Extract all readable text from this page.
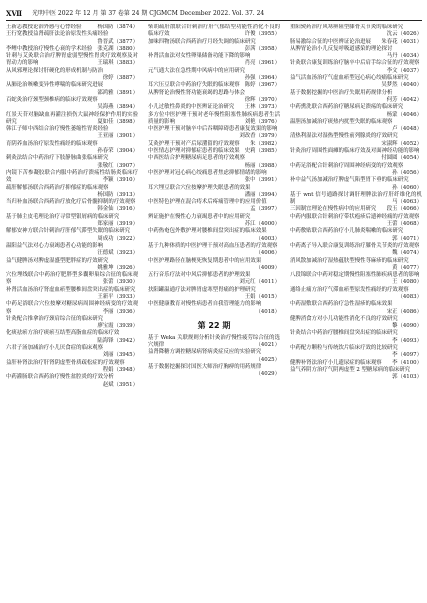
XⅦ 光明中医 2022 年 12 月 第 37 卷第 24 期 CJGMCM December 2022. Vol. 37. 24

王新志教授论治外感与心悸经验	杨国防（3874）

王行宽教授益肾疏肝法论治原发性头痛经验
鲁晋武（3877）

李鲤中教授治疗慢性心衰的学术经验 张克湖（3880）

针刺与艾灸联合治疗脾胃虚弱型慢性胃炎疗效观察及对胃动力的影响	王瑞琪（3883）

从风邪理论探讨肝硬化的形成机制与防治
徐婷（3887）

从肺论治咳嗽变异性哮喘的临床研究进展
邵鸿雅（3891）

百蛇灸治疗颈型颈椎病的临床疗效观察
吴海燕（3894）

红景天苷对脑缺血再灌注损伤大鼠神经保护作用的实验研究	夏如佳（3898）

韩江子师中西结合治疗慢性萎缩性胃炎经验
王亚丽（3901）

育阴养血汤治疗原发性痛经的临床观察
孙春荣（3904）

刺灸法结合中药治疗下肢静脉曲张临床研究
张敬红（3907）

内镜下苦参凝胶联合内服中药治疗溃疡性结肠炎临床疗效	李颖（3910）

疏肝解郁汤联合西药治疗抑郁症的临床观察
杨国防（3913）

当归补血汤联合西药治疗放化疗后骨髓抑制的疗效观察
韩金仙（3916）

基于肺主皮毛理论治疗寻常型银屑病的临床研究
郑家丽（3919）

解郁安神方联合针刺治疗肝郁气滞型失眠的临床研究
周成功（3922）

温阳益气法对心力衰竭患者心功能的影响
汪德斌（3923）

益气健脾汤对脾虚湿盛型肥胖症的疗效研究
姚雅坤（3926）

穴位埋线联合中药治疗肥胖型多囊卵巢综合征的临床观察	张蕾（3930）

补肾活血汤治疗肾虚血瘀型腰椎间盘突出症的临床研究
王新平（3933）

中药足浴联合穴位按摩对糖尿病周围神经病变的疗效观察	李丽（3936）

针灸配合推拿治疗颈肩综合征的临床研究
廖宝霞（3939）

化痰祛瘀方治疗痰瘀互结型高脂血症的临床疗效
陆海锋（3942）

六君子汤加减治疗小儿厌食症的临床观察
刘丽（3945）

益肝补肾法治疗肝肾阴虚型骨质疏松症的疗效观察
程娟（3948）

中药灌肠联合西药治疗慢性盆腔炎的疗效分析
赵斌（3951）

柴胡疏肝散联合针刺治疗肝气郁结型功能性消化不良的临床疗效	许俊（3955）

加味四物汤联合西药治疗月经失调的临床研究
彭茜（3958）

补肾活血法对女性卵巢储备功能下降的影响
肖亮（3961）

元气通大法在急性期中风病中的应用研究
孙强（3964）

耳穴压豆联合中药治疗失眠的临床观察 陈婷（3967）

从脾肾论治慢性肾功能衰竭的思路与体会
徐辉（3970）

小儿过敏性鼻炎的中医辨证论治研究	王林（3973）

多方位中医护理干预对老年慢性阻塞性肺疾病患者生活质量的影响	刘艳（3976）

中医护理干预对脑卒中后吞咽障碍患者康复效果的影响
刘改香（3979）

艾灸护理干预对产后尿潴留的疗效观察	朱（3982）

中医情志护理对抑郁症患者的临床效果 史莉（3985）

中西医结合护理糖尿病足患者的疗效观察
杨丽（3988）

中医护理对冠心病心绞痛患者焦虑抑郁情绪的影响
张中（3991）

耳穴埋豆联合穴位按摩护理失眠患者的效果
潘丽（3994）

中医特色护理在混合痔术后疼痛管理中的应用价值
孟（3997）

辨证施护在慢性心力衰竭患者中的应用研究
苏江（4000）

中药热奄包外敷护理对腰椎间盘突出症的临床效果
（4003）

基于九种体质的中医护理干预对高血压患者的疗效观察
（4006）

中医护理路径在脑梗死恢复期患者中的应用效果
（4009）

五行音乐疗法对中风后抑郁患者的护理效果
刘元红（4011）

扶阳罐温通疗法对脾胃虚寒型胃痛的护理研究
王娟（4015）

中医健康教育对慢性病患者自我管理能力的影响
（4018）

第 22 期

基于 Weka 关联规则分析针灸治疗慢性疲劳综合征的选穴规律	（4021）

益肾降糖方调控糖尿病肾病炎症反应的实验研究
（4025）

基于数据挖掘探讨国医大师治疗胸痹的用药规律
（4029）

重阳熨药治疗风寒痹阻型膝骨关节炎的临床研究
沈云（4026）

肠易激综合征的中医辨证论治进展	朱春花（4031）

从脾胃论治小儿反复呼吸道感染的理论探讨
马丹（4034）

针灸联合康复训练治疗脑卒中后肩手综合征的疗效观察
李文（4037）

益气活血汤治疗气虚血瘀型冠心病心绞痛临床研究
吴梦然（4040）

基于数据挖掘的中医治疗失眠用药规律分析
何芳（4042）

中药熏洗联合西药治疗糖尿病足溃疡的临床研究
杨蒙（4046）

温胆汤加减治疗痰热内扰型失眠的临床观察
卢（4048）

清热利湿法对湿热型慢性前列腺炎的疗效研究
宋淑辉（4052）

针灸治疗周围性面瘫的临床疗效及对面神经功能的影响
付圆圆（4054）

中药足浴配合针刺治疗周围神经病变的疗效观察
孙（4056）

补中益气汤加减治疗脾虚气陷型胃下垂的临床研究
孙（4060）

基于 wnt 信号通路探讨调肝理脾法治疗肝纤维化的机制	马（4063）

三因制宜理论在慢性病中的应用研究	段玉（4066）

中药内服联合针刺治疗带状疱疹后遗神经痛的疗效观察
王蕾（4068）

中药敷贴联合西药治疗小儿肺炎喘嗽的临床研究
郭（4071）

中药离子导入联合康复训练治疗膝骨关节炎的疗效观察
魏（4074）

消风散加减治疗湿热蕴肤型慢性荨麻疹的临床研究
黄（4077）

八段锦联合中药对稳定期慢性阻塞性肺疾病患者的影响
王（4080）

通络止痛方治疗气滞血瘀型原发性痛经的疗效观察
（4083）

中药湿敷联合西药治疗急性湿疹的临床效果
宋正（4086）

健脾消食方对小儿功能性消化不良的疗效研究
黎（4090）

针灸结合中药治疗腰椎间盘突出症的临床研究
李（4093）

中药配方颗粒与传统饮片临床疗效的比较研究
李（4097）

健脾补肾法治疗小儿遗尿症的临床观察	李（4100）

益气养阴方治疗气阴两虚型 2 型糖尿病的临床研究
郭（4103）
